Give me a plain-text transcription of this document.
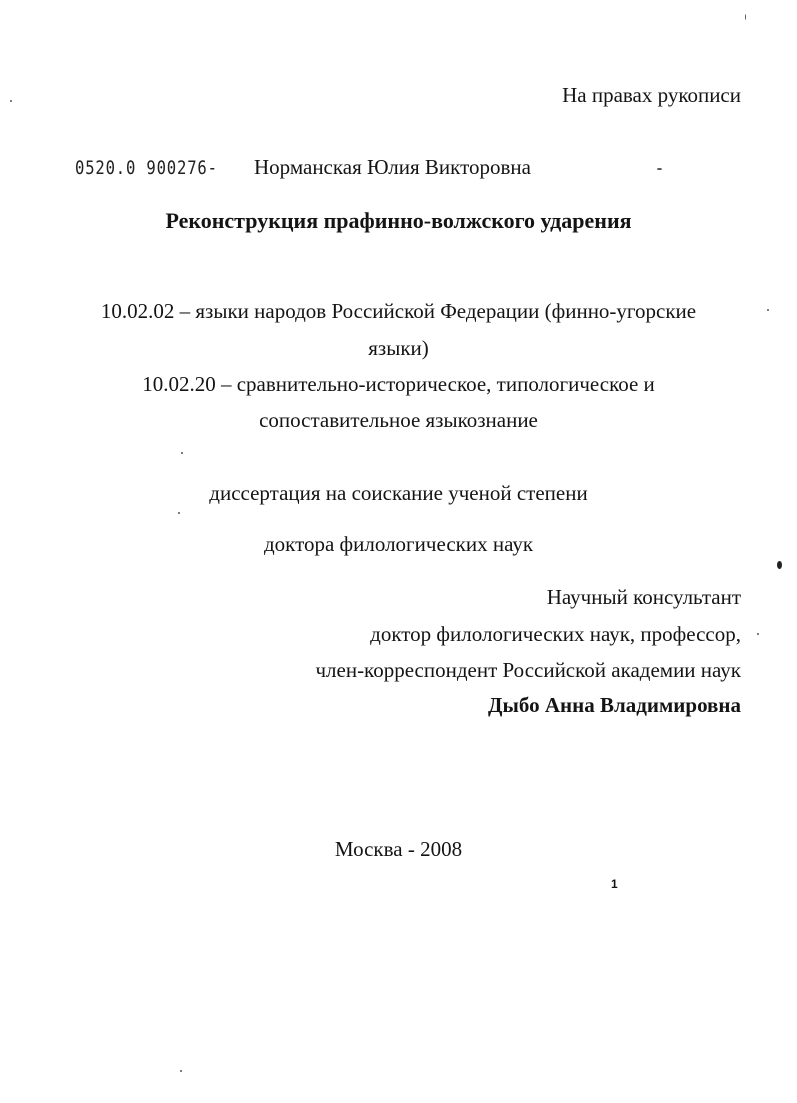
На правах рукописи
0520.0 900276- Норманская Юлия Викторовна
Реконструкция прафинно-волжского ударения
10.02.02 – языки народов Российской Федерации (финно-угорские
языки)
10.02.20 – сравнительно-историческое, типологическое и
сопоставительное языкознание
диссертация на соискание ученой степени
доктора филологических наук
Научный консультант
доктор филологических наук, профессор,
член-корреспондент Российской академии наук
Дыбо Анна Владимировна
Москва - 2008
1
